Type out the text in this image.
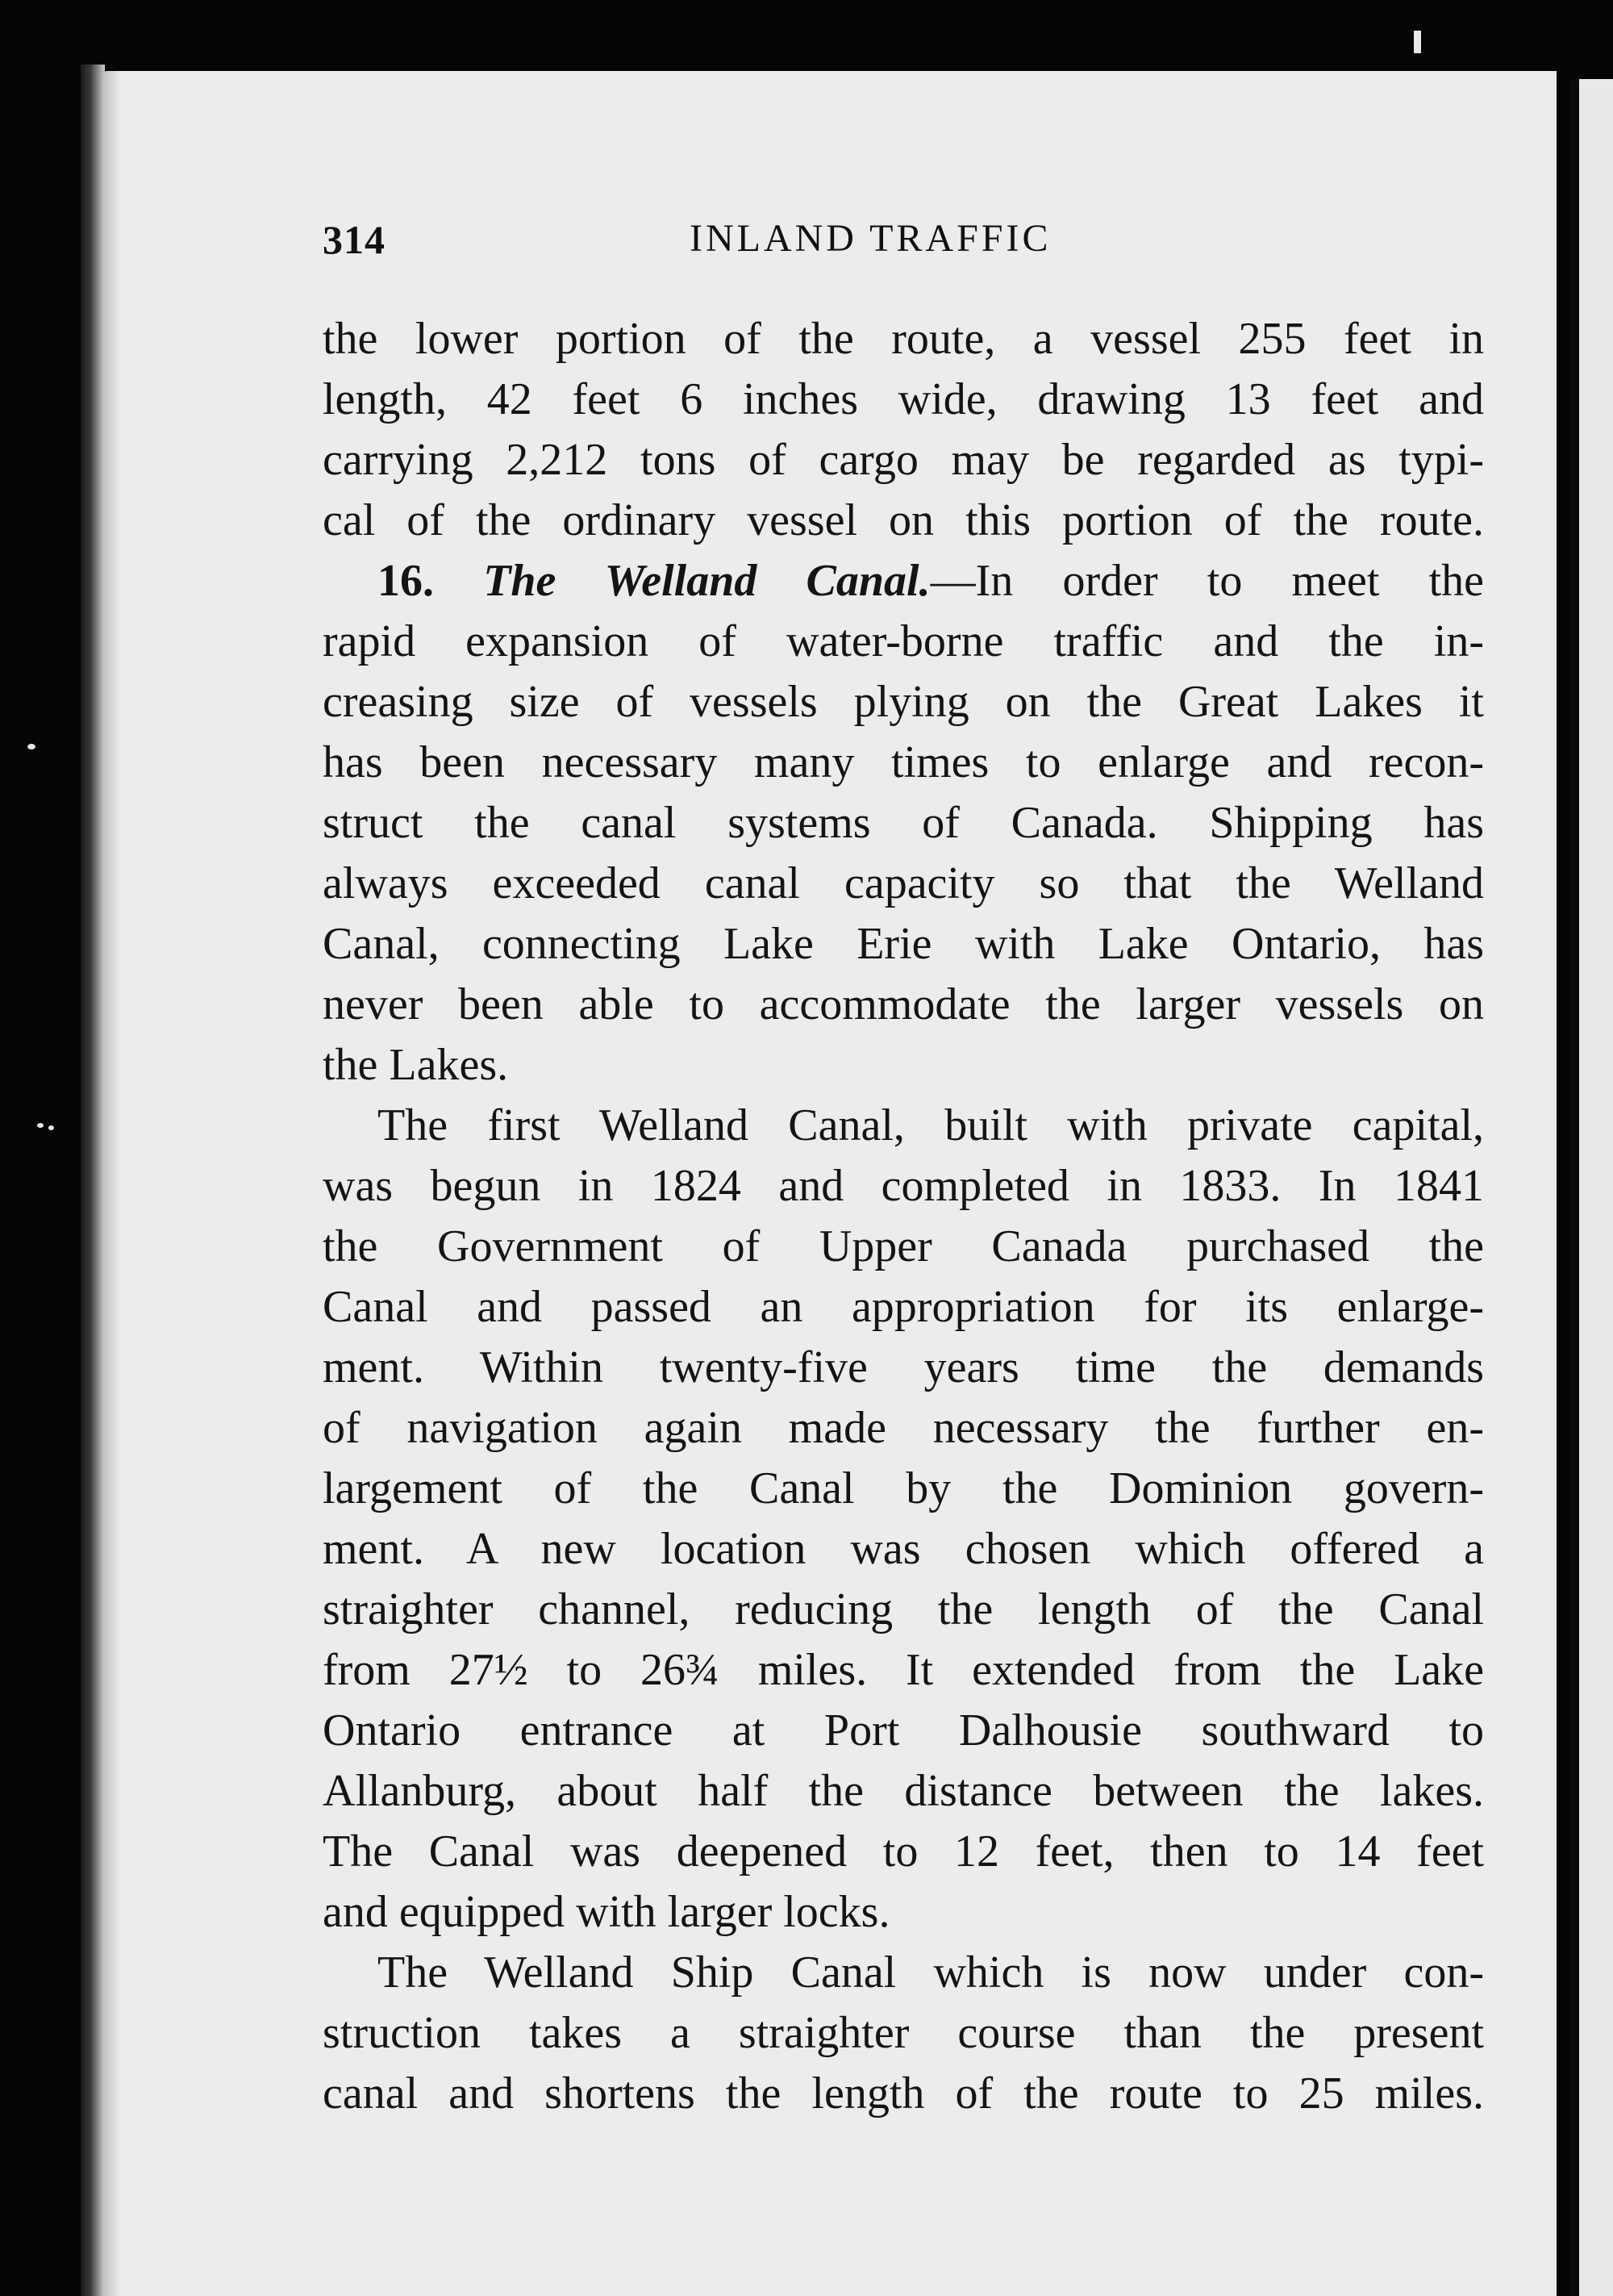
314	INLAND TRAFFIC
the lower portion of the route, a vessel 255 feet in
length, 42 feet 6 inches wide, drawing 13 feet and
carrying 2,212 tons of cargo may be regarded as typi-
cal of the ordinary vessel on this portion of the route.
16. The Welland Canal.—In order to meet the
rapid expansion of water-borne traffic and the in-
creasing size of vessels plying on the Great Lakes it
has been necessary many times to enlarge and recon-
struct the canal systems of Canada. Shipping has
always exceeded canal capacity so that the Welland
Canal, connecting Lake Erie with Lake Ontario, has
never been able to accommodate the larger vessels on
the Lakes.
The first Welland Canal, built with private capital,
was begun in 1824 and completed in 1833. In 1841
the Government of Upper Canada purchased the
Canal and passed an appropriation for its enlarge-
ment. Within twenty-five years time the demands
of navigation again made necessary the further en-
largement of the Canal by the Dominion govern-
ment. A new location was chosen which offered a
straighter channel, reducing the length of the Canal
from 27½ to 26¾ miles. It extended from the Lake
Ontario entrance at Port Dalhousie southward to
Allanburg, about half the distance between the lakes.
The Canal was deepened to 12 feet, then to 14 feet
and equipped with larger locks.
The Welland Ship Canal which is now under con-
struction takes a straighter course than the present
canal and shortens the length of the route to 25 miles.
